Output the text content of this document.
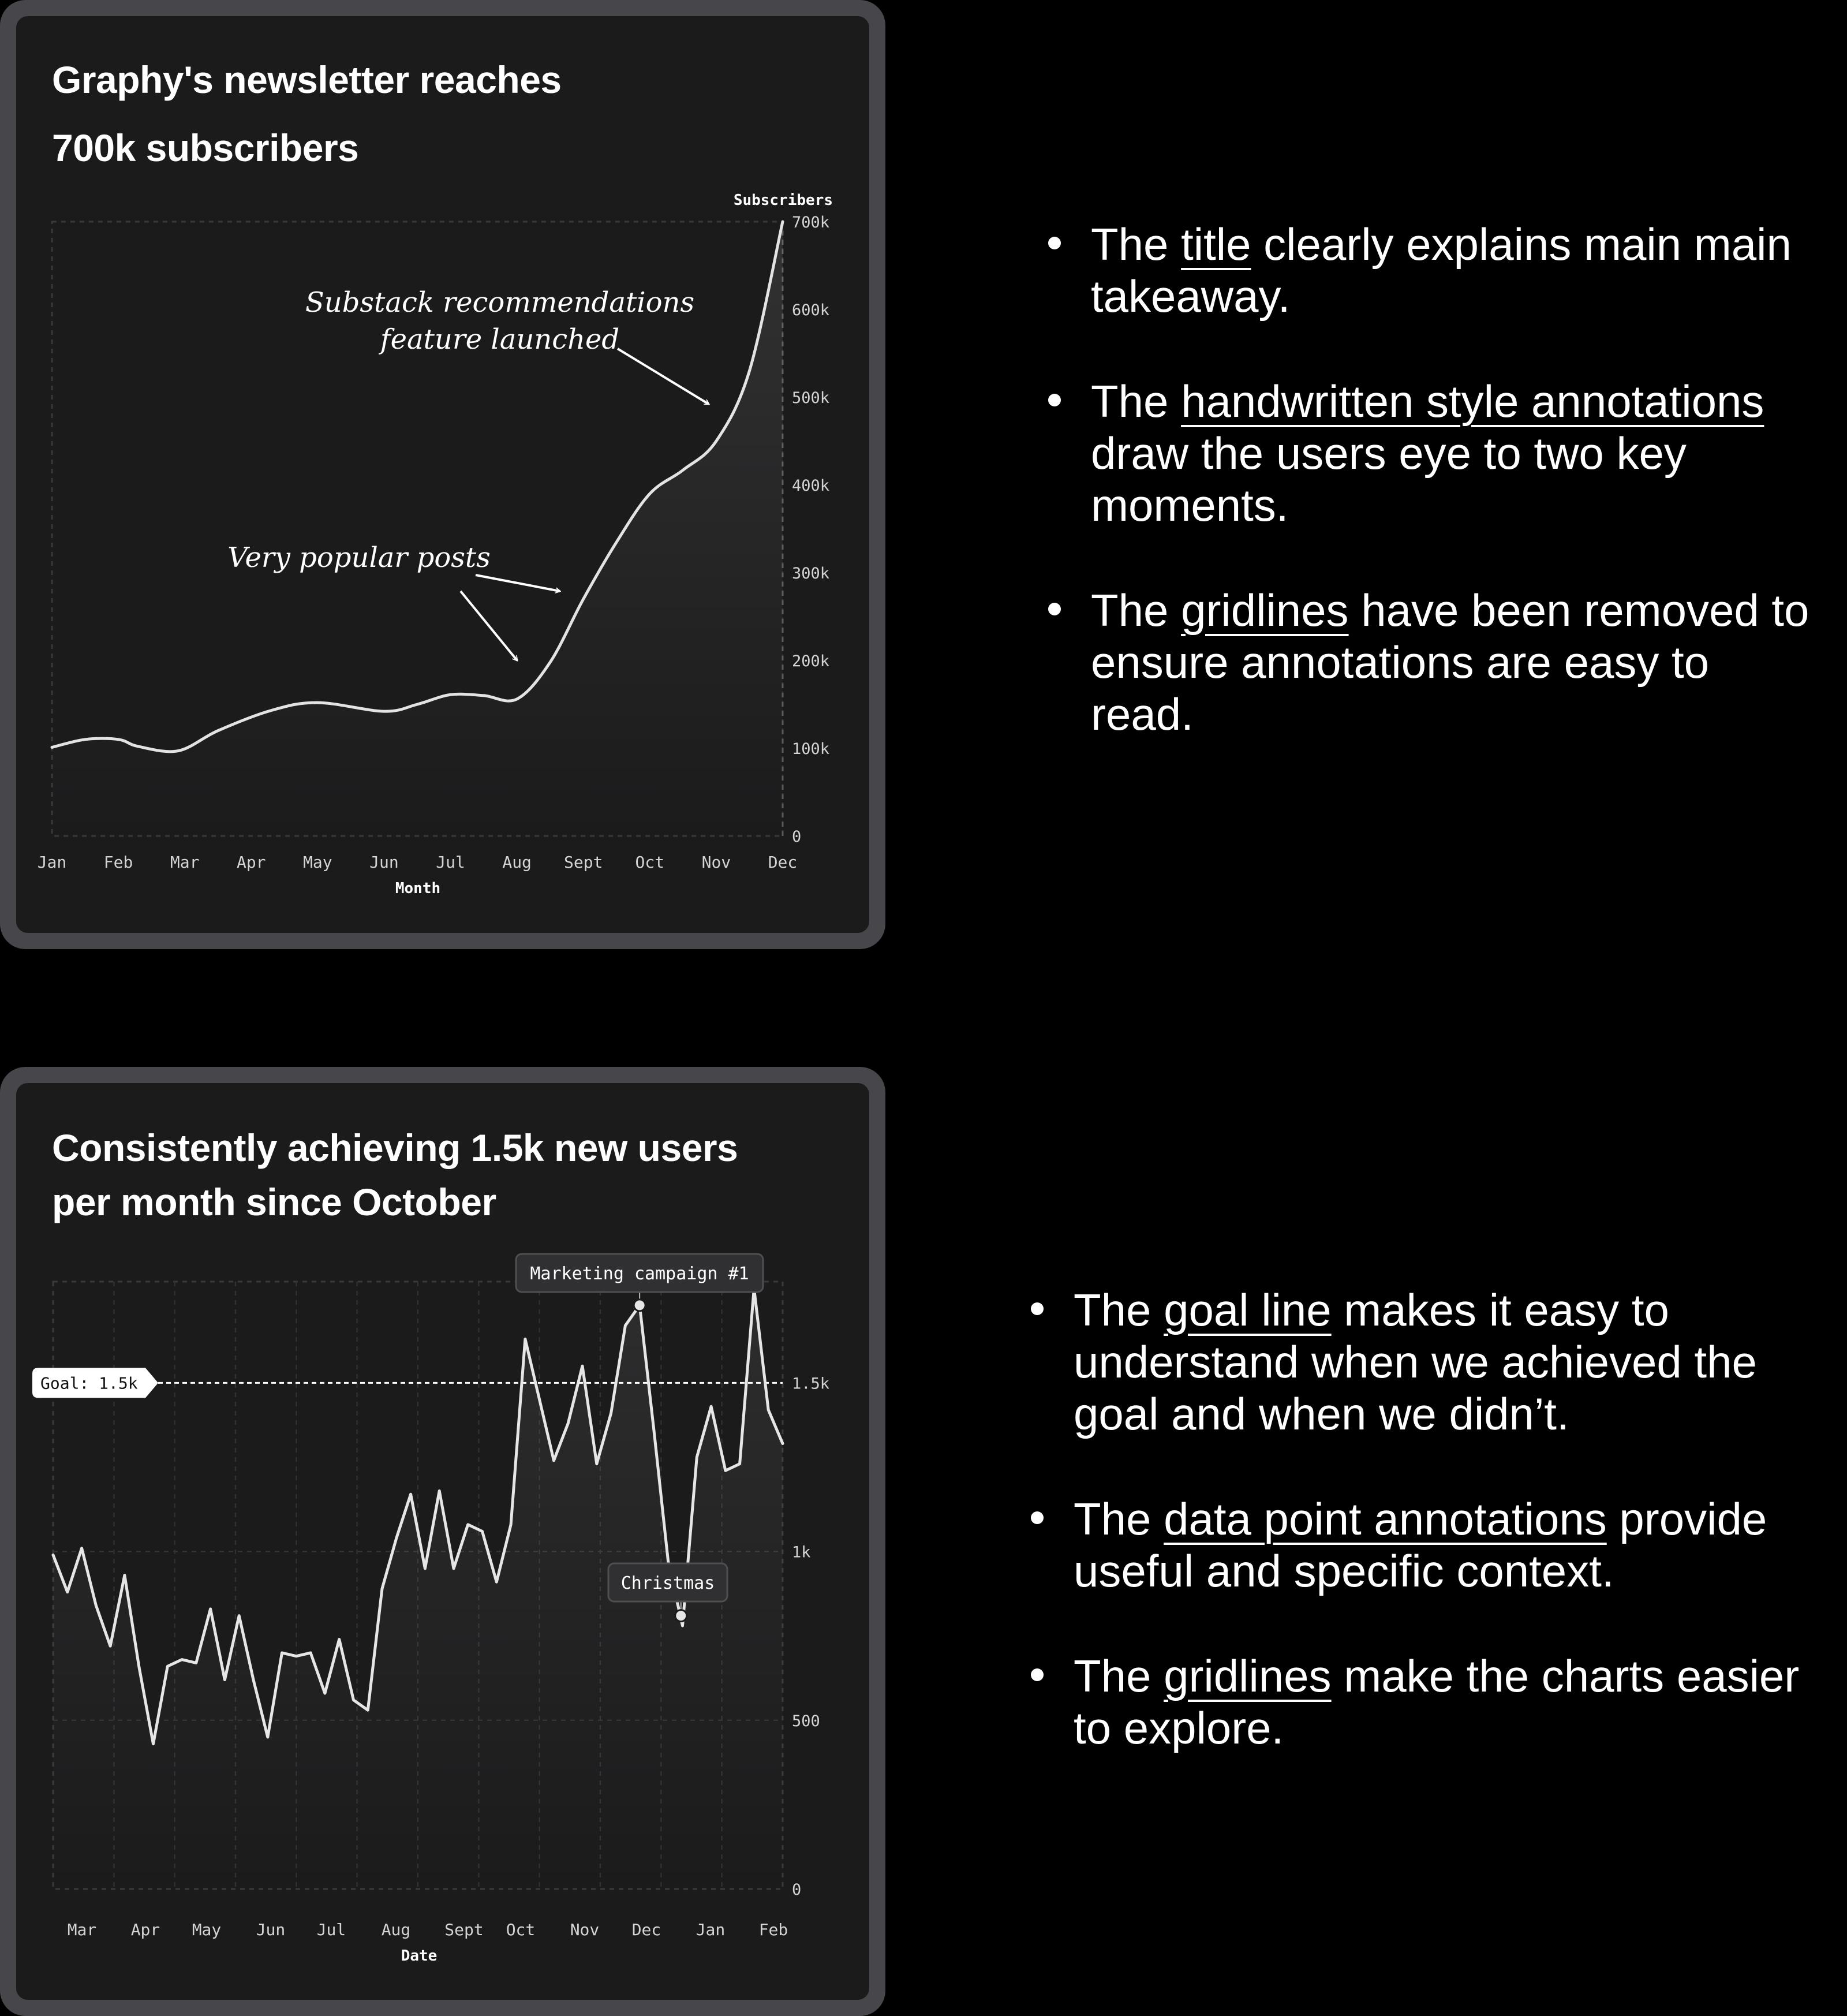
Graphy's newsletter reaches
700k subscribers
Consistently achieving 1.5k new users
per month since October
Subscribers
700k
600k
500k
400k
300k
200k
100k
0
Jan Feb Mar Apr May Jun Jul Aug Sept Oct Nov Dec
Month
Substack recommendations
feature launched
Very popular posts
1.5k
1k
500
0
Mar Apr May Jun Jul Aug Sept Oct Nov Dec Jan Feb
Date
Goal: 1.5k
Marketing campaign #1
Christmas
The title clearly explains main main takeaway.
The handwritten style annotations draw the users eye to two key moments.
The gridlines have been removed to ensure annotations are easy to read.
The goal line makes it easy to understand when we achieved the goal and when we didn’t.
The data point annotations provide useful and specific context.
The gridlines make the charts easier to explore.
